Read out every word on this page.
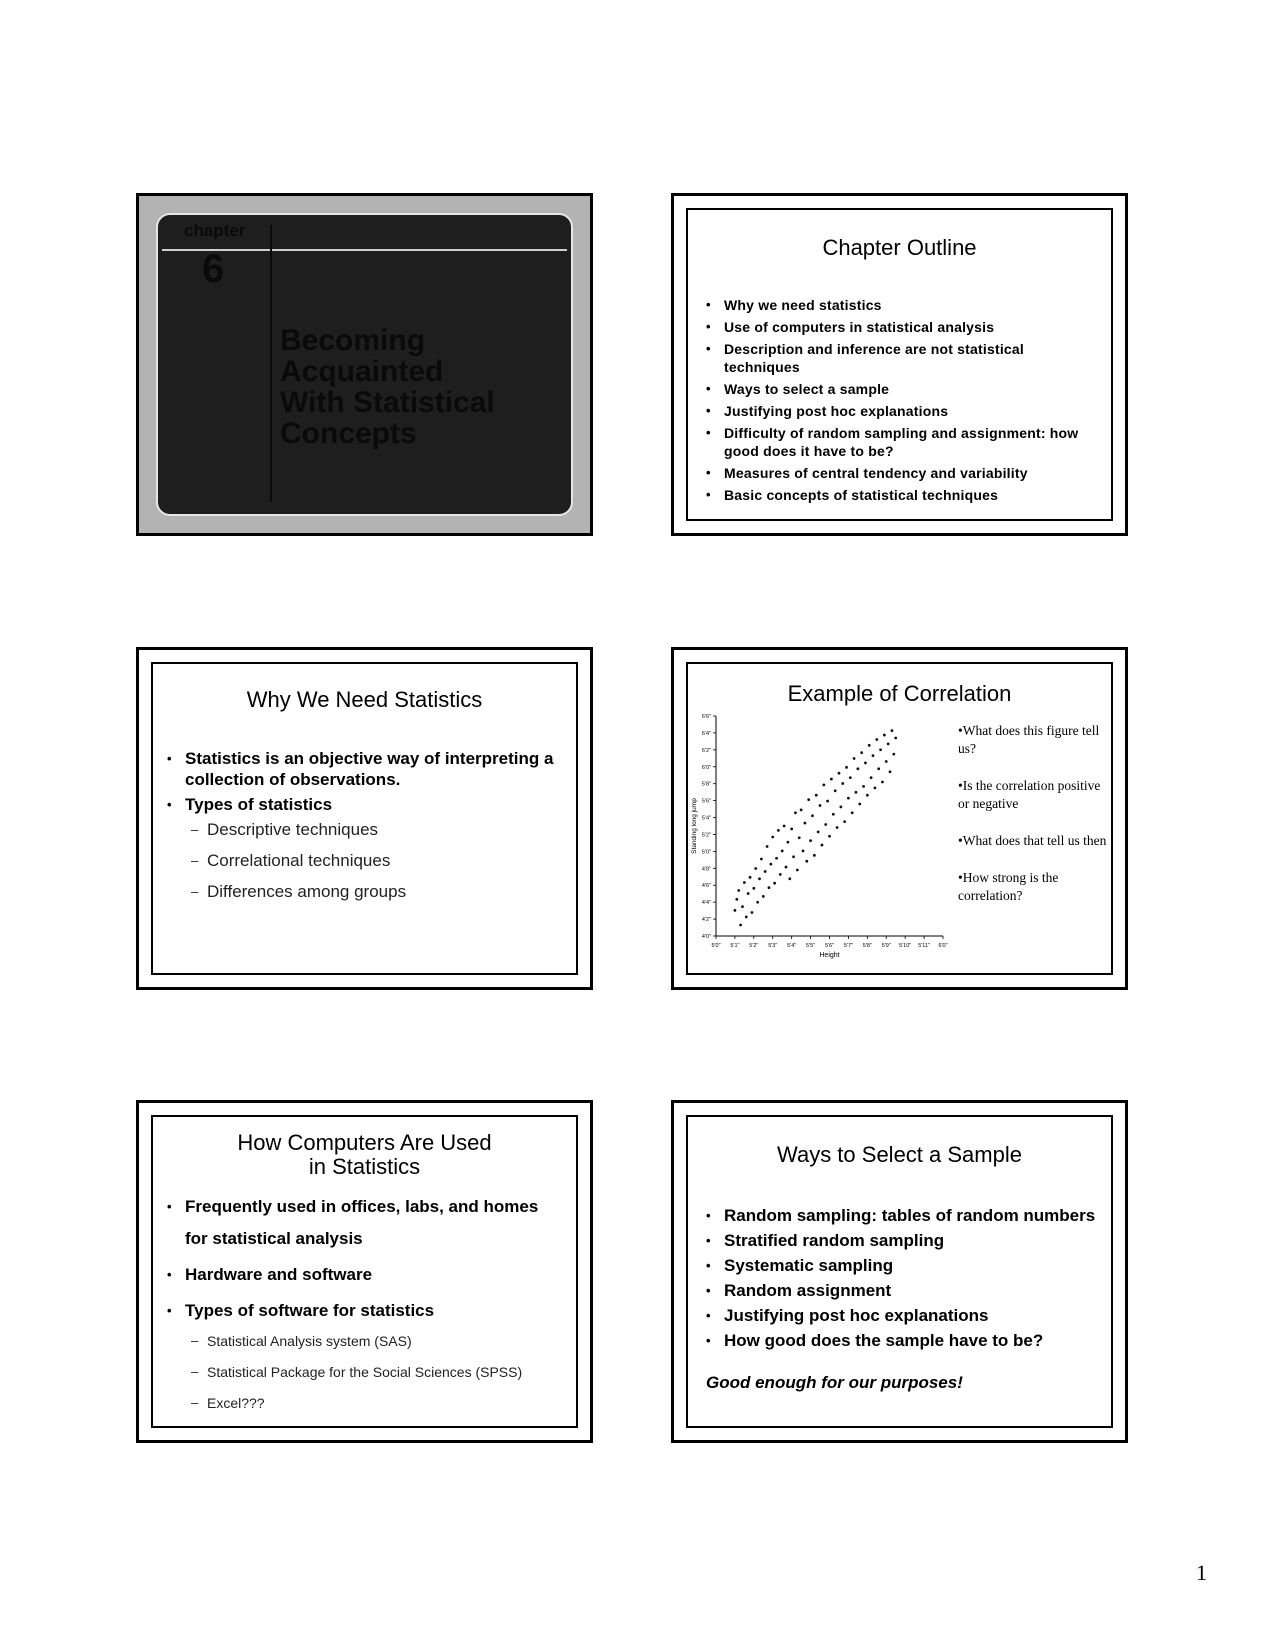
chapter
6
Becoming
Acquainted
With Statistical
Concepts
Chapter Outline
• Why we need statistics
• Use of computers in statistical analysis
• Description and inference are not statistical techniques
• Ways to select a sample
• Justifying post hoc explanations
• Difficulty of random sampling and assignment: how good does it have to be?
• Measures of central tendency and variability
• Basic concepts of statistical techniques
Why We Need Statistics
• Statistics is an objective way of interpreting a collection of observations.
• Types of statistics
– Descriptive techniques
– Correlational techniques
– Differences among groups
Example of Correlation
5'0" 5'1" 5'2" 5'3" 5'4" 5'5" 5'6" 5'7" 5'8" 5'9" 5'10" 5'11" 6'0"
4'0"
4'2"
4'4"
4'6"
4'8"
5'0"
5'2"
5'4"
5'6"
5'8"
6'0"
6'2"
6'4"
6'6"
Height
Standing long jump

•What does this figure tell us?

•Is the correlation positive or negative

•What does that tell us then

•How strong is the correlation?

How Computers Are Used
in Statistics
• Frequently used in offices, labs, and homes
for statistical analysis
• Hardware and software
• Types of software for statistics
– Statistical Analysis system (SAS)
– Statistical Package for the Social Sciences (SPSS)
– Excel???
Ways to Select a Sample
• Random sampling: tables of random numbers
• Stratified random sampling
• Systematic sampling
• Random assignment
• Justifying post hoc explanations
• How good does the sample have to be?
Good enough for our purposes!
1
